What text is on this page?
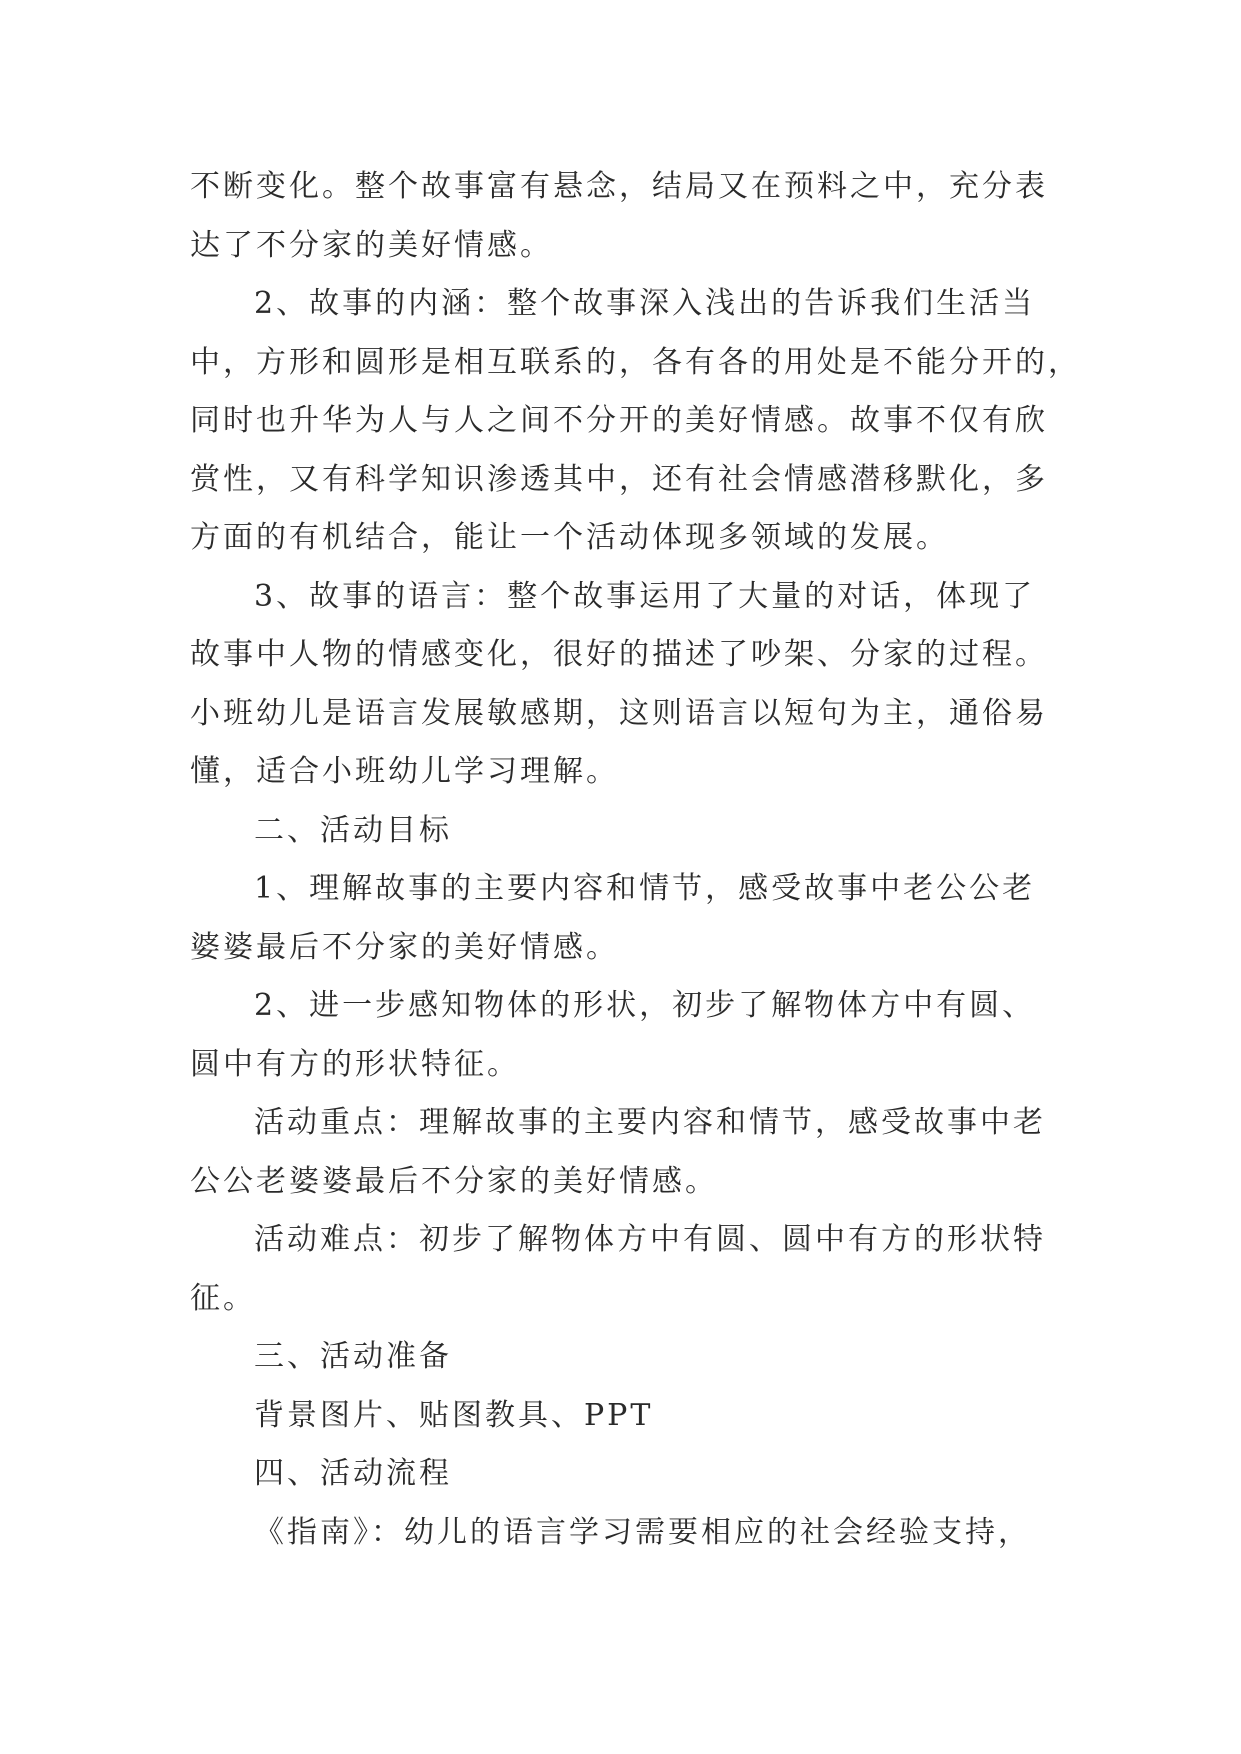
不断变化。整个故事富有悬念，结局又在预料之中，充分表
达了不分家的美好情感。
2、故事的内涵：整个故事深入浅出的告诉我们生活当
中，方形和圆形是相互联系的，各有各的用处是不能分开的，
同时也升华为人与人之间不分开的美好情感。故事不仅有欣
赏性，又有科学知识渗透其中，还有社会情感潜移默化，多
方面的有机结合，能让一个活动体现多领域的发展。
3、故事的语言：整个故事运用了大量的对话，体现了
故事中人物的情感变化，很好的描述了吵架、分家的过程。
小班幼儿是语言发展敏感期，这则语言以短句为主，通俗易
懂，适合小班幼儿学习理解。
二、活动目标
1、理解故事的主要内容和情节，感受故事中老公公老
婆婆最后不分家的美好情感。
2、进一步感知物体的形状，初步了解物体方中有圆、
圆中有方的形状特征。
活动重点：理解故事的主要内容和情节，感受故事中老
公公老婆婆最后不分家的美好情感。
活动难点：初步了解物体方中有圆、圆中有方的形状特
征。
三、活动准备
背景图片、贴图教具、PPT
四、活动流程
《指南》：幼儿的语言学习需要相应的社会经验支持，
